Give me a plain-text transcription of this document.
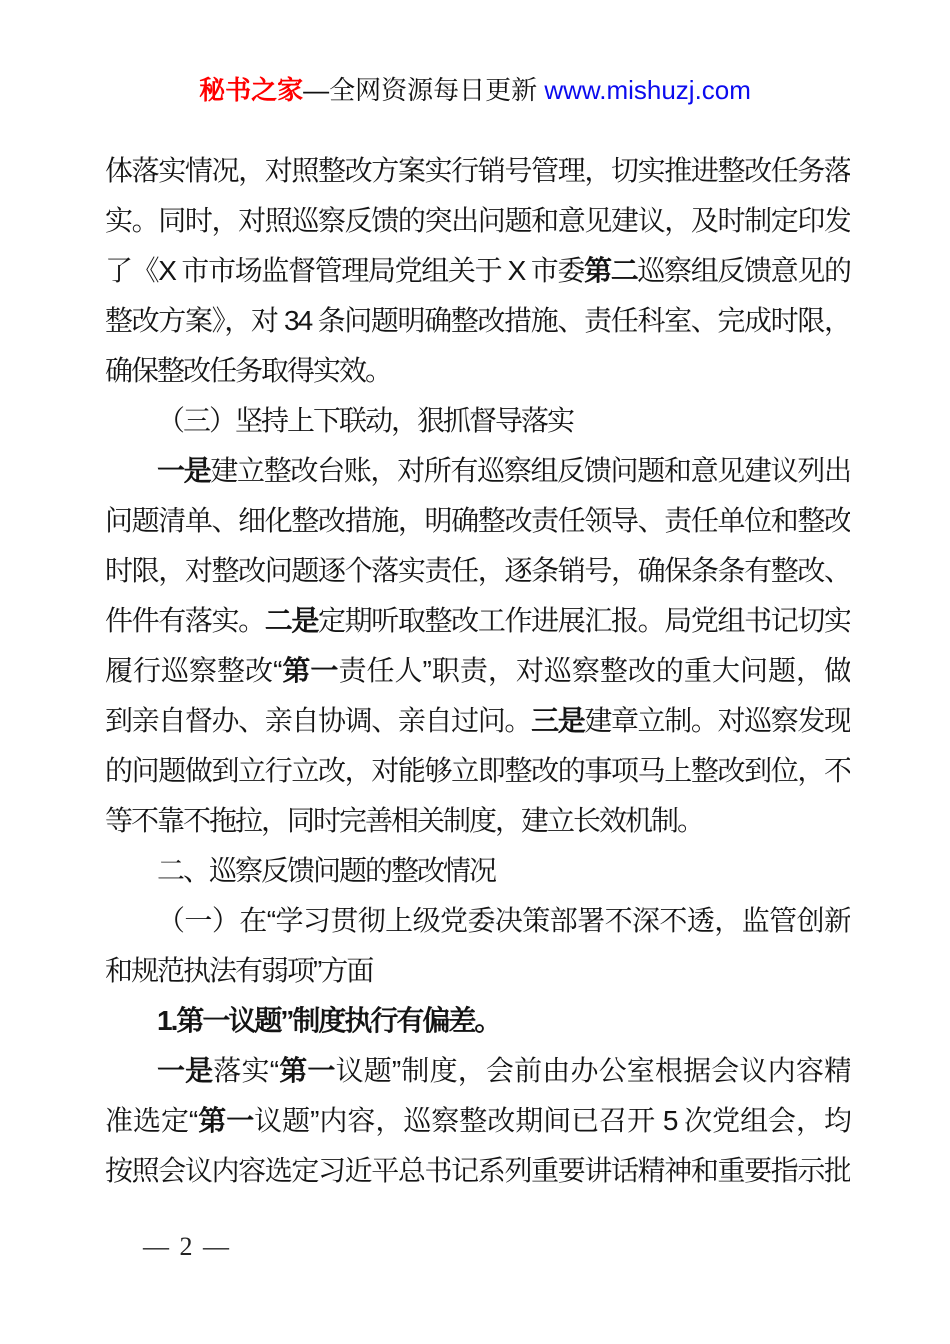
秘书之家—全网资源每日更新 www.mishuzj.com
体落实情况，对照整改方案实行销号管理，切实推进整改任务落
实。同时，对照巡察反馈的突出问题和意见建议，及时制定印发
了《X 市市场监督管理局党组关于 X 市委第二巡察组反馈意见的
整改方案》，对 34 条问题明确整改措施、责任科室、完成时限，
确保整改任务取得实效。
（三）坚持上下联动，狠抓督导落实
一是建立整改台账，对所有巡察组反馈问题和意见建议列出
问题清单、细化整改措施，明确整改责任领导、责任单位和整改
时限，对整改问题逐个落实责任，逐条销号，确保条条有整改、
件件有落实。二是定期听取整改工作进展汇报。局党组书记切实
履行巡察整改“第一责任人”职责，对巡察整改的重大问题，做
到亲自督办、亲自协调、亲自过问。三是建章立制。对巡察发现
的问题做到立行立改，对能够立即整改的事项马上整改到位，不
等不靠不拖拉，同时完善相关制度，建立长效机制。
二、巡察反馈问题的整改情况
（一）在“学习贯彻上级党委决策部署不深不透，监管创新
和规范执法有弱项”方面
1.第一议题”制度执行有偏差。
一是落实“第一议题”制度，会前由办公室根据会议内容精
准选定“第一议题”内容，巡察整改期间已召开 5 次党组会，均
按照会议内容选定习近平总书记系列重要讲话精神和重要指示批
— 2 —
